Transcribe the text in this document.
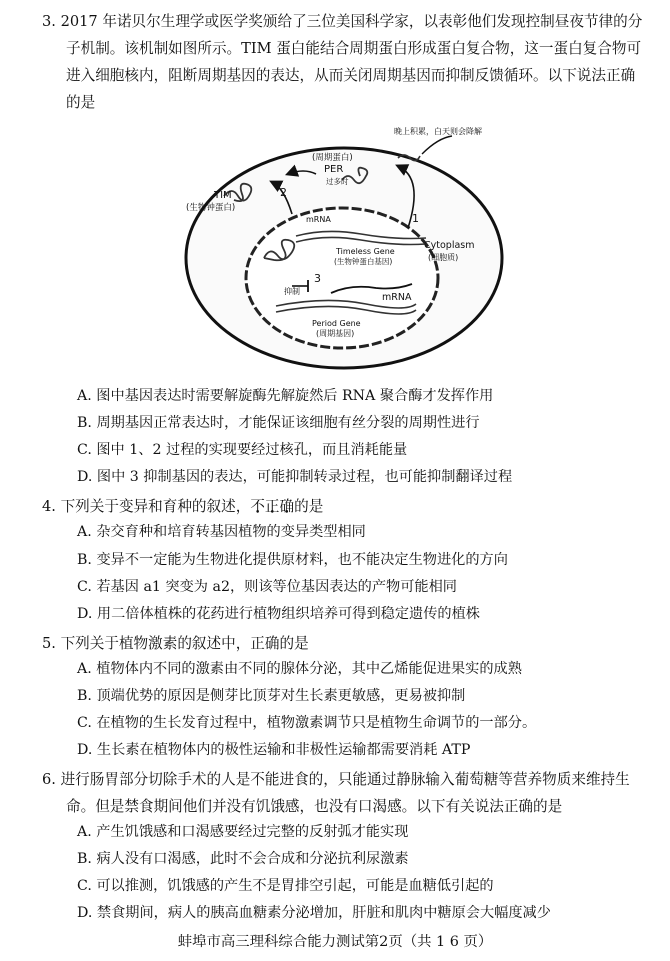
3. 2017 年诺贝尔生理学或医学奖颁给了三位美国科学家，以表彰他们发现控制昼夜节律的分
子机制。该机制如图所示。TIM 蛋白能结合周期蛋白形成蛋白复合物，这一蛋白复合物可
进入细胞核内，阻断周期基因的表达，从而关闭周期基因而抑制反馈循环。以下说法正确
的是
晚上积累，白天则会降解
(周期蛋白)
PER
过多时
TIM
(生物钟蛋白)
2
1
3
mRNA
Timeless Gene
(生物钟蛋白基因)
Cytoplasm
(细胞质)
抑制
mRNA
Period Gene
(周期基因)
A. 图中基因表达时需要解旋酶先解旋然后 RNA 聚合酶才发挥作用
B. 周期基因正常表达时，才能保证该细胞有丝分裂的周期性进行
C. 图中 1、2 过程的实现要经过核孔，而且消耗能量
D. 图中 3 抑制基因的表达，可能抑制转录过程，也可能抑制翻译过程
4. 下列关于变异和育种的叙述，不正确的是
A. 杂交育种和培育转基因植物的变异类型相同
B. 变异不一定能为生物进化提供原材料，也不能决定生物进化的方向
C. 若基因 a1 突变为 a2，则该等位基因表达的产物可能相同
D. 用二倍体植株的花药进行植物组织培养可得到稳定遗传的植株
5. 下列关于植物激素的叙述中，正确的是
A. 植物体内不同的激素由不同的腺体分泌，其中乙烯能促进果实的成熟
B. 顶端优势的原因是侧芽比顶芽对生长素更敏感，更易被抑制
C. 在植物的生长发育过程中，植物激素调节只是植物生命调节的一部分。
D. 生长素在植物体内的极性运输和非极性运输都需要消耗 ATP
6. 进行肠胃部分切除手术的人是不能进食的，只能通过静脉输入葡萄糖等营养物质来维持生
命。但是禁食期间他们并没有饥饿感，也没有口渴感。以下有关说法正确的是
A. 产生饥饿感和口渴感要经过完整的反射弧才能实现
B. 病人没有口渴感，此时不会合成和分泌抗利尿激素
C. 可以推测，饥饿感的产生不是胃排空引起，可能是血糖低引起的
D. 禁食期间，病人的胰高血糖素分泌增加，肝脏和肌肉中糖原会大幅度减少
蚌埠市高三理科综合能力测试第2页（共 1 6 页）
